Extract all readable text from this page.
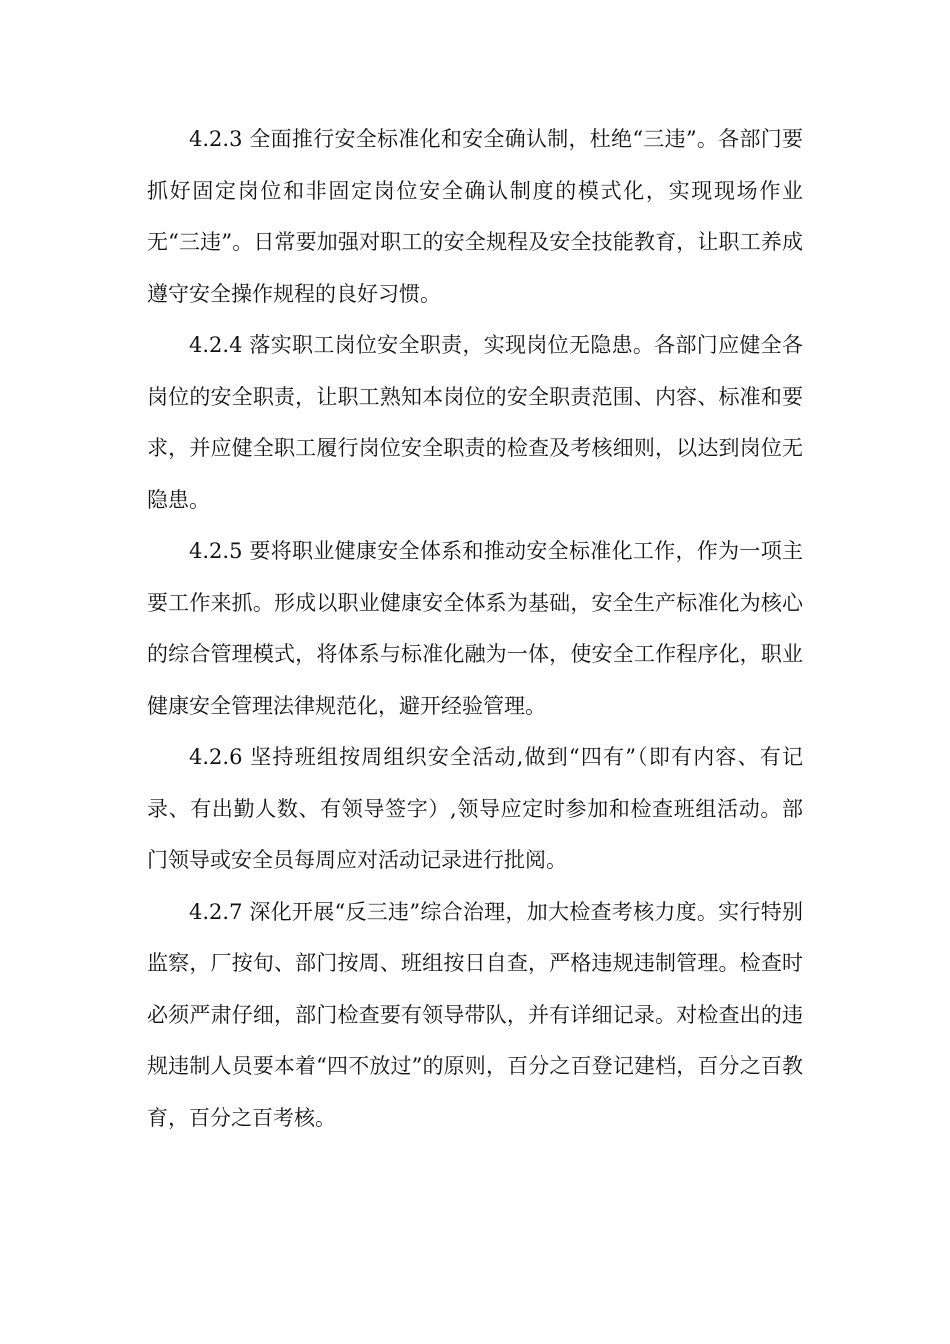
4.2.3 全面推行安全标准化和安全确认制，杜绝“三违”。各部门要抓好固定岗位和非固定岗位安全确认制度的模式化，实现现场作业无“三违”。日常要加强对职工的安全规程及安全技能教育，让职工养成遵守安全操作规程的良好习惯。

4.2.4 落实职工岗位安全职责，实现岗位无隐患。各部门应健全各岗位的安全职责，让职工熟知本岗位的安全职责范围、内容、标准和要求，并应健全职工履行岗位安全职责的检查及考核细则，以达到岗位无隐患。

4.2.5 要将职业健康安全体系和推动安全标准化工作，作为一项主要工作来抓。形成以职业健康安全体系为基础，安全生产标准化为核心的综合管理模式，将体系与标准化融为一体，使安全工作程序化，职业健康安全管理法律规范化，避开经验管理。

4.2.6 坚持班组按周组织安全活动,做到“四有”（即有内容、有记录、有出勤人数、有领导签字）,领导应定时参加和检查班组活动。部门领导或安全员每周应对活动记录进行批阅。

4.2.7 深化开展“反三违”综合治理，加大检查考核力度。实行特别监察，厂按旬、部门按周、班组按日自查，严格违规违制管理。检查时必须严肃仔细，部门检查要有领导带队，并有详细记录。对检查出的违规违制人员要本着“四不放过”的原则，百分之百登记建档，百分之百教育，百分之百考核。
